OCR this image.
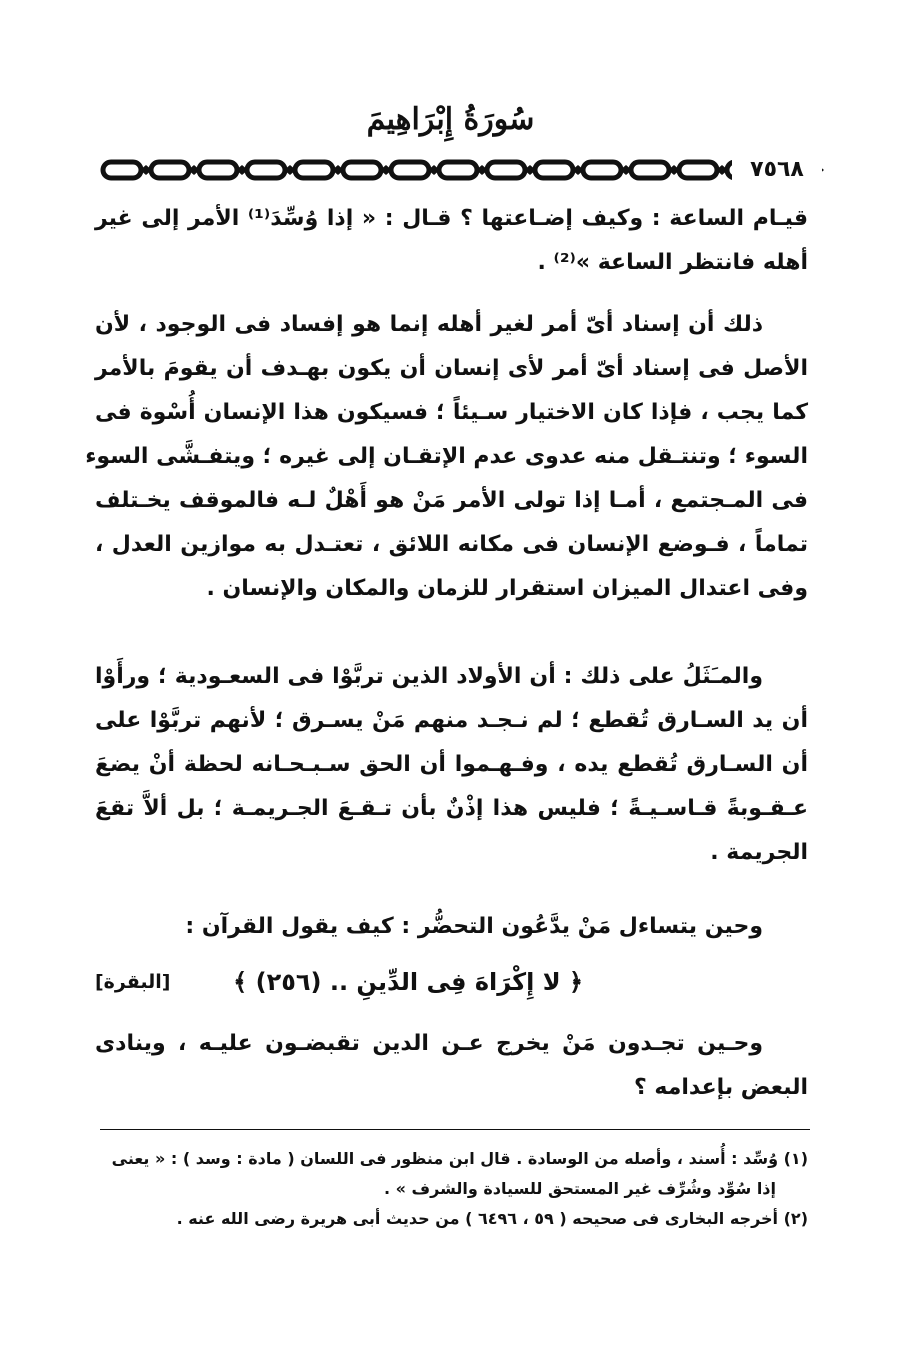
سُورَةُ إِبْرَاهِيمَ
٧٥٦٨
قيـام الساعة : وكيف إضـاعتها ؟ قـال : « إذا وُسِّدَ⁽¹⁾ الأمر إلى غير
أهله فانتظر الساعة »⁽²⁾ .
ذلك أن إسناد أىّ أمر لغير أهله إنما هو إفساد فى الوجود ، لأن
الأصل فى إسناد أىّ أمر لأى إنسان أن يكون بهـدف أن يقومَ بالأمر
كما يجب ، فإذا كان الاختيار سـيئاً ؛ فسيكون هذا الإنسان أُسْوة فى
السوء ؛ وتنتـقل منه عدوى عدم الإتقـان إلى غيره ؛ ويتفـشَّى السوء
فى المـجتمع ، أمـا إذا تولى الأمر مَنْ هو أَهْلٌ لـه فالموقف يخـتلف
تماماً ، فـوضع الإنسان فى مكانه اللائق ، تعتـدل به موازين العدل ،
وفى اعتدال الميزان استقرار للزمان والمكان والإنسان .
والمـَثَلُ على ذلك : أن الأولاد الذين تربَّوْا فى السعـودية ؛ ورأَوْا
أن يد السـارق تُقطع ؛ لم نـجـد منهم مَنْ يسـرق ؛ لأنهم تربَّوْا على
أن السـارق تُقطع يده ، وفـهـموا أن الحق سـبـحـانه لحظة أنْ يضعَ
عـقـوبةً قـاسـيـةً ؛ فليس هذا إذْنٌ بأن تـقـعَ الجـريمـة ؛ بل ألاَّ تقعَ
الجريمة .
وحين يتساءل مَنْ يدَّعُون التحضُّر : كيف يقول القرآن :
﴿ لا إِكْرَاهَ فِى الدِّينِ .. (٢٥٦) ﴾
[البقرة]
وحـين تجـدون مَنْ يخرج عـن الدين تقبضـون عليـه ، وينادى
البعض بإعدامه ؟
(١) وُسِّد : أُسند ، وأصله من الوسادة . قال ابن منظور فى اللسان ( مادة : وسد ) : « يعنى
إذا سُوِّد وشُرِّف غير المستحق للسيادة والشرف » .
(٢) أخرجه البخارى فى صحيحه ( ٥٩ ، ٦٤٩٦ ) من حديث أبى هريرة رضى الله عنه .
